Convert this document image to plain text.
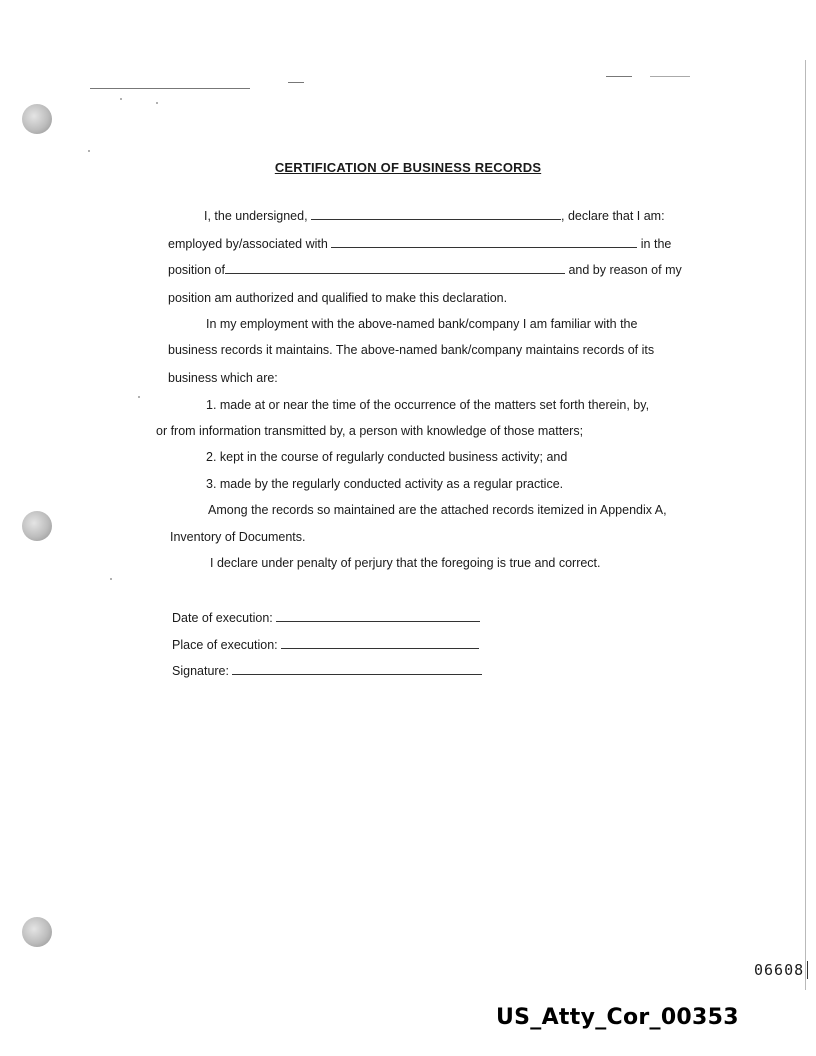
CERTIFICATION OF BUSINESS RECORDS
I, the undersigned,	, declare that I am:
employed by/associated with	in the
position of	and by reason of my
position am authorized and qualified to make this declaration.
In my employment with the above-named bank/company I am familiar with the
business records it maintains. The above-named bank/company maintains records of its
business which are:
1. made at or near the time of the occurrence of the matters set forth therein, by,
or from information transmitted by, a person with knowledge of those matters;
2. kept in the course of regularly conducted business activity; and
3. made by the regularly conducted activity as a regular practice.
Among the records so maintained are the attached records itemized in Appendix A,
Inventory of Documents.
I declare under penalty of perjury that the foregoing is true and correct.
Date of execution:
Place of execution:
Signature:
06608
US_Atty_Cor_00353
